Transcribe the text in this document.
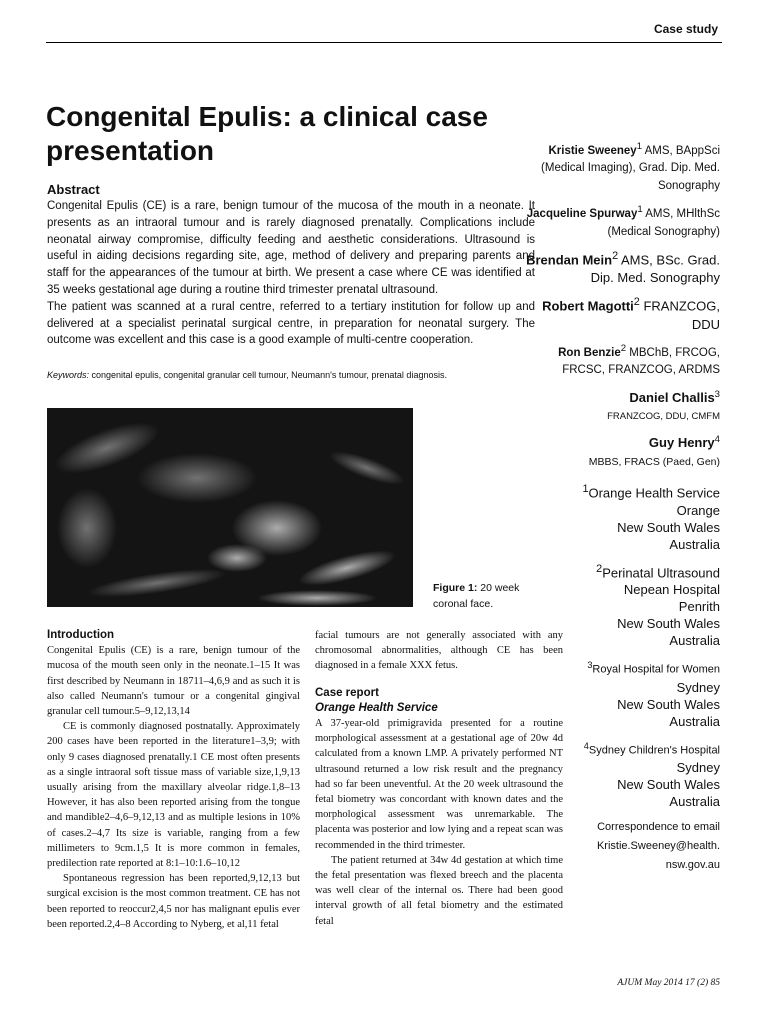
Case study
Congenital Epulis: a clinical case presentation
Abstract

Congenital Epulis (CE) is a rare, benign tumour of the mucosa of the mouth in a neonate. It presents as an intraoral tumour and is rarely diagnosed prenatally. Complications include neonatal airway compromise, difficulty feeding and aesthetic considerations. Ultrasound is useful in aiding decisions regarding site, age, method of delivery and preparing parents and staff for the appearances of the tumour at birth. We present a case where CE was identified at 35 weeks gestational age during a routine third trimester prenatal ultrasound.

The patient was scanned at a rural centre, referred to a tertiary institution for follow up and delivered at a specialist perinatal surgical centre, in preparation for neonatal surgery. The outcome was excellent and this case is a good example of multi-centre cooperation.

Keywords: congenital epulis, congenital granular cell tumour, Neumann's tumour, prenatal diagnosis.
Figure 1: 20 week coronal face.
Introduction

Congenital Epulis (CE) is a rare, benign tumour of the mucosa of the mouth seen only in the neonate.1–15 It was first described by Neumann in 18711–4,6,9 and as such it is also called Neumann's tumour or a congenital gingival granular cell tumour.5–9,12,13,14

CE is commonly diagnosed postnatally. Approximately 200 cases have been reported in the literature1–3,9; with only 9 cases diagnosed prenatally.1 CE most often presents as a single intraoral soft tissue mass of variable size,1,9,13 usually arising from the maxillary alveolar ridge.1,8–13 However, it has also been reported arising from the tongue and mandible2–4,6–9,12,13 and as multiple lesions in 10% of cases.2–4,7 Its size is variable, ranging from a few millimeters to 9cm.1,5 It is more common in females, predilection rate reported at 8:1–10:1.6–10,12

Spontaneous regression has been reported,9,12,13 but surgical excision is the most common treatment. CE has not been reported to reoccur2,4,5 nor has malignant epulis ever been reported.2,4–8 According to Nyberg, et al,11 fetal

facial tumours are not generally associated with any chromosomal abnormalities, although CE has been diagnosed in a female XXX fetus.

Case report
Orange Health Service

A 37-year-old primigravida presented for a routine morphological assessment at a gestational age of 20w 4d calculated from a known LMP. A privately performed NT ultrasound returned a low risk result and the pregnancy had so far been uneventful. At the 20 week ultrasound the fetal biometry was concordant with known dates and the morphological assessment was unremarkable. The placenta was posterior and low lying and a repeat scan was recommended in the third trimester.

The patient returned at 34w 4d gestation at which time the fetal presentation was flexed breech and the placenta was well clear of the internal os. There had been good interval growth of all fetal biometry and the estimated fetal

Kristie Sweeney$^1$ AMS, BAppSci (Medical Imaging), Grad. Dip. Med. Sonography
Jacqueline Spurway$^1$ AMS, MHlthSc (Medical Sonography)
Brendan Mein$^2$ AMS, BSc. Grad. Dip. Med. Sonography
Robert Magotti$^2$ FRANZCOG, DDU
Ron Benzie$^2$ MBChB, FRCOG, FRCSC, FRANZCOG, ARDMS
Daniel Challis$^3$
FRANZCOG, DDU, CMFM
Guy Henry$^4$
MBBS, FRACS (Paed, Gen)
$^1$Orange Health Service
Orange
New South Wales
Australia
$^2$Perinatal Ultrasound
Nepean Hospital
Penrith
New South Wales
Australia
$^3$Royal Hospital for Women
Sydney
New South Wales
Australia
$^4$Sydney Children's Hospital
Sydney
New South Wales
Australia
Correspondence to email
Kristie.Sweeney@health.
nsw.gov.au
AJUM May 2014 17 (2) 85
